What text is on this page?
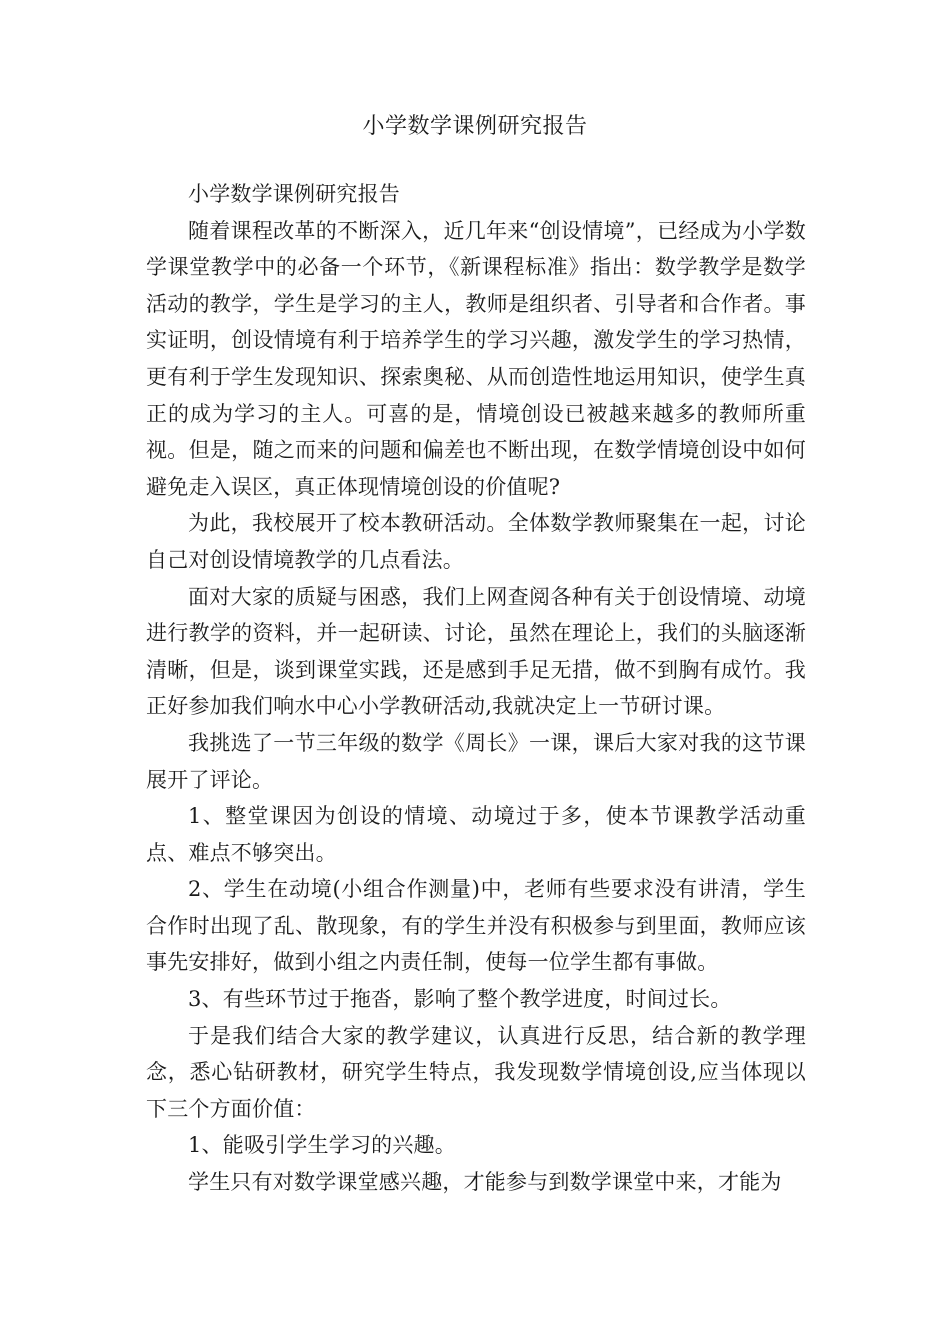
小学数学课例研究报告

小学数学课例研究报告

随着课程改革的不断深入，近几年来“创设情境”，已经成为小学数学课堂教学中的必备一个环节，《新课程标准》指出：数学教学是数学活动的教学，学生是学习的主人，教师是组织者、引导者和合作者。事实证明，创设情境有利于培养学生的学习兴趣，激发学生的学习热情，更有利于学生发现知识、探索奥秘、从而创造性地运用知识，使学生真正的成为学习的主人。可喜的是，情境创设已被越来越多的教师所重视。但是，随之而来的问题和偏差也不断出现，在数学情境创设中如何避免走入误区，真正体现情境创设的价值呢?

为此，我校展开了校本教研活动。全体数学教师聚集在一起，讨论自己对创设情境教学的几点看法。

面对大家的质疑与困惑，我们上网查阅各种有关于创设情境、动境进行教学的资料，并一起研读、讨论，虽然在理论上，我们的头脑逐渐清晰，但是，谈到课堂实践，还是感到手足无措，做不到胸有成竹。我正好参加我们响水中心小学教研活动,我就决定上一节研讨课。

我挑选了一节三年级的数学《周长》一课，课后大家对我的这节课展开了评论。

1、整堂课因为创设的情境、动境过于多，使本节课教学活动重点、难点不够突出。

2、学生在动境(小组合作测量)中，老师有些要求没有讲清，学生合作时出现了乱、散现象，有的学生并没有积极参与到里面，教师应该事先安排好，做到小组之内责任制，使每一位学生都有事做。

3、有些环节过于拖沓，影响了整个教学进度，时间过长。

于是我们结合大家的教学建议，认真进行反思，结合新的教学理念，悉心钻研教材，研究学生特点，我发现数学情境创设,应当体现以下三个方面价值：

1、能吸引学生学习的兴趣。

学生只有对数学课堂感兴趣，才能参与到数学课堂中来，才能为
